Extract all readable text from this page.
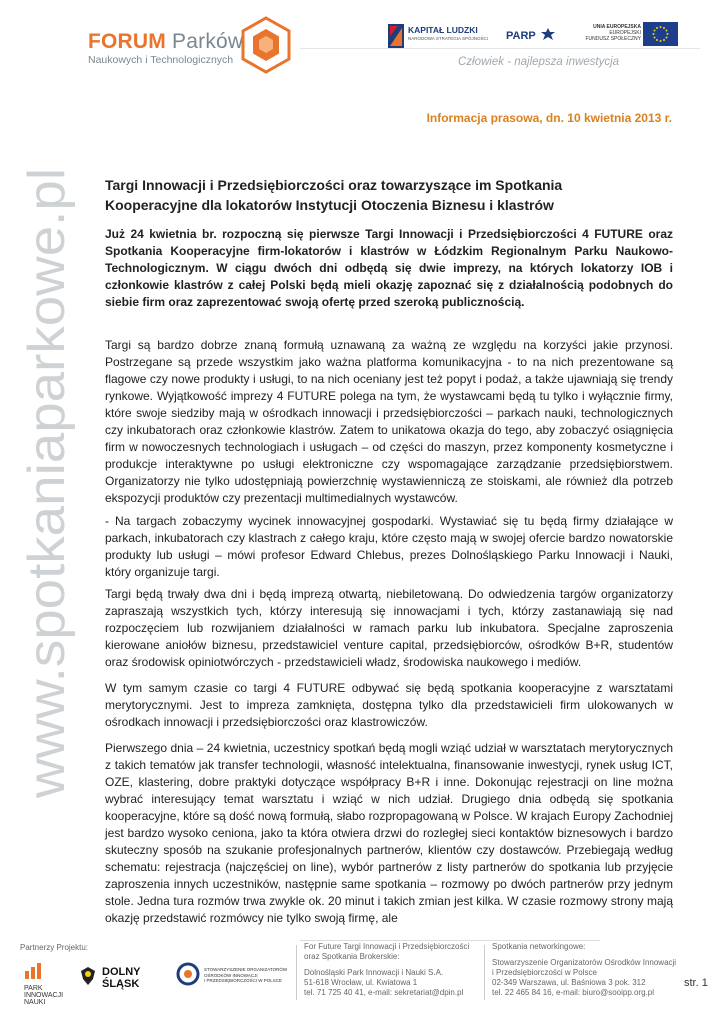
FORUM Parków
Naukowych i Technologicznych
KAPITAŁ LUDZKI
NARODOWA STRATEGIA SPÓJNOŚCI PARP
UNIA EUROPEJSKA
EUROPEJSKI
FUNDUSZ SPOŁECZNY
Człowiek - najlepsza inwestycja
www.spotkaniaparkowe.pl
Informacja prasowa, dn. 10 kwietnia 2013 r.
Targi Innowacji i Przedsiębiorczości oraz towarzyszące im Spotkania
Kooperacyjne dla lokatorów Instytucji Otoczenia Biznesu i klastrów
Już 24 kwietnia br. rozpoczną się pierwsze Targi Innowacji i Przedsiębiorczości 4 FUTURE oraz Spotkania Kooperacyjne firm-lokatorów i klastrów w Łódzkim Regionalnym Parku Naukowo-Technologicznym. W ciągu dwóch dni odbędą się dwie imprezy, na których lokatorzy IOB i członkowie klastrów z całej Polski będą mieli okazję zapoznać się z działalnością podobnych do siebie firm oraz zaprezentować swoją ofertę przed szeroką publicznością.
Targi są bardzo dobrze znaną formułą uznawaną za ważną ze względu na korzyści jakie przynosi. Postrzegane są przede wszystkim jako ważna platforma komunikacyjna - to na nich prezentowane są flagowe czy nowe produkty i usługi, to na nich oceniany jest też popyt i podaż, a także ujawniają się trendy rynkowe. Wyjątkowość imprezy 4 FUTURE polega na tym, że wystawcami będą tu tylko i wyłącznie firmy, które swoje siedziby mają w ośrodkach innowacji i przedsiębiorczości – parkach nauki, technologicznych czy inkubatorach oraz członkowie klastrów. Zatem to unikatowa okazja do tego, aby zobaczyć osiągnięcia firm w nowoczesnych technologiach i usługach – od części do maszyn, przez komponenty kosmetyczne i produkcje interaktywne po usługi elektroniczne czy wspomagające zarządzanie przedsiębiorstwem. Organizatorzy nie tylko udostępniają powierzchnię wystawienniczą ze stoiskami, ale również dla potrzeb ekspozycji produktów czy prezentacji multimedialnych wystawców.
- Na targach zobaczymy wycinek innowacyjnej gospodarki. Wystawiać się tu będą firmy działające w parkach, inkubatorach czy klastrach z całego kraju, które często mają w swojej ofercie bardzo nowatorskie produkty lub usługi – mówi profesor Edward Chlebus, prezes Dolnośląskiego Parku Innowacji i Nauki, który organizuje targi.
Targi będą trwały dwa dni i będą imprezą otwartą, niebiletowaną. Do odwiedzenia targów organizatorzy zapraszają wszystkich tych, którzy interesują się innowacjami i tych, którzy zastanawiają się nad rozpoczęciem lub rozwijaniem działalności w ramach parku lub inkubatora. Specjalne zaproszenia kierowane aniołów biznesu, przedstawiciel venture capital, przedsiębiorców, ośrodków B+R, studentów oraz środowisk opiniotwórczych - przedstawicieli władz, środowiska naukowego i mediów.
W tym samym czasie co targi 4 FUTURE odbywać się będą spotkania kooperacyjne z warsztatami merytorycznymi. Jest to impreza zamknięta, dostępna tylko dla przedstawicieli firm ulokowanych w ośrodkach innowacji i przedsiębiorczości oraz klastrowiczów.
Pierwszego dnia – 24 kwietnia, uczestnicy spotkań będą mogli wziąć udział w warsztatach merytorycznych z takich tematów jak transfer technologii, własność intelektualna, finansowanie inwestycji, rynek usług ICT, OZE, klastering, dobre praktyki dotyczące współpracy B+R i inne. Dokonując rejestracji on line można wybrać interesujący temat warsztatu i wziąć w nich udział. Drugiego dnia odbędą się spotkania kooperacyjne, które są dość nową formułą, słabo rozpropagowaną w Polsce. W krajach Europy Zachodniej jest bardzo wysoko ceniona, jako ta która otwiera drzwi do rozległej sieci kontaktów biznesowych i bardzo skuteczny sposób na szukanie profesjonalnych partnerów, klientów czy dostawców. Przebiegają według schematu: rejestracja (najczęściej on line), wybór partnerów z listy partnerów do spotkania lub przyjęcie zaproszenia innych uczestników, następnie same spotkania – rozmowy po dwóch partnerów przy jednym stole. Jedna tura rozmów trwa zwykle ok. 20 minut i takich zmian jest kilka. W czasie rozmowy strony mają okazję przedstawić rozmówcy nie tylko swoją firmę, ale
Partnerzy Projektu:
PARK
INNOWACJI
NAUKI
DOLNY
ŚLĄSK
STOWARZYSZENIE ORGANIZATORÓW
OŚRODKÓW INNOWACJI
I PRZEDSIĘBIORCZOŚCI W POLSCE
For Future Targi Innowacji i Przedsiębiorczości
oraz Spotkania Brokerskie:
Dolnośląski Park Innowacji i Nauki S.A.
51-618 Wrocław, ul. Kwiatowa 1
tel. 71 725 40 41, e-mail: sekretariat@dpin.pl
Spotkania networkingowe:
Stowarzyszenie Organizatorów Ośrodków Innowacji
i Przedsiębiorczości w Polsce
02-349 Warszawa, ul. Baśniowa 3 pok. 312
tel. 22 465 84 16, e-mail: biuro@sooipp.org.pl
str. 1
